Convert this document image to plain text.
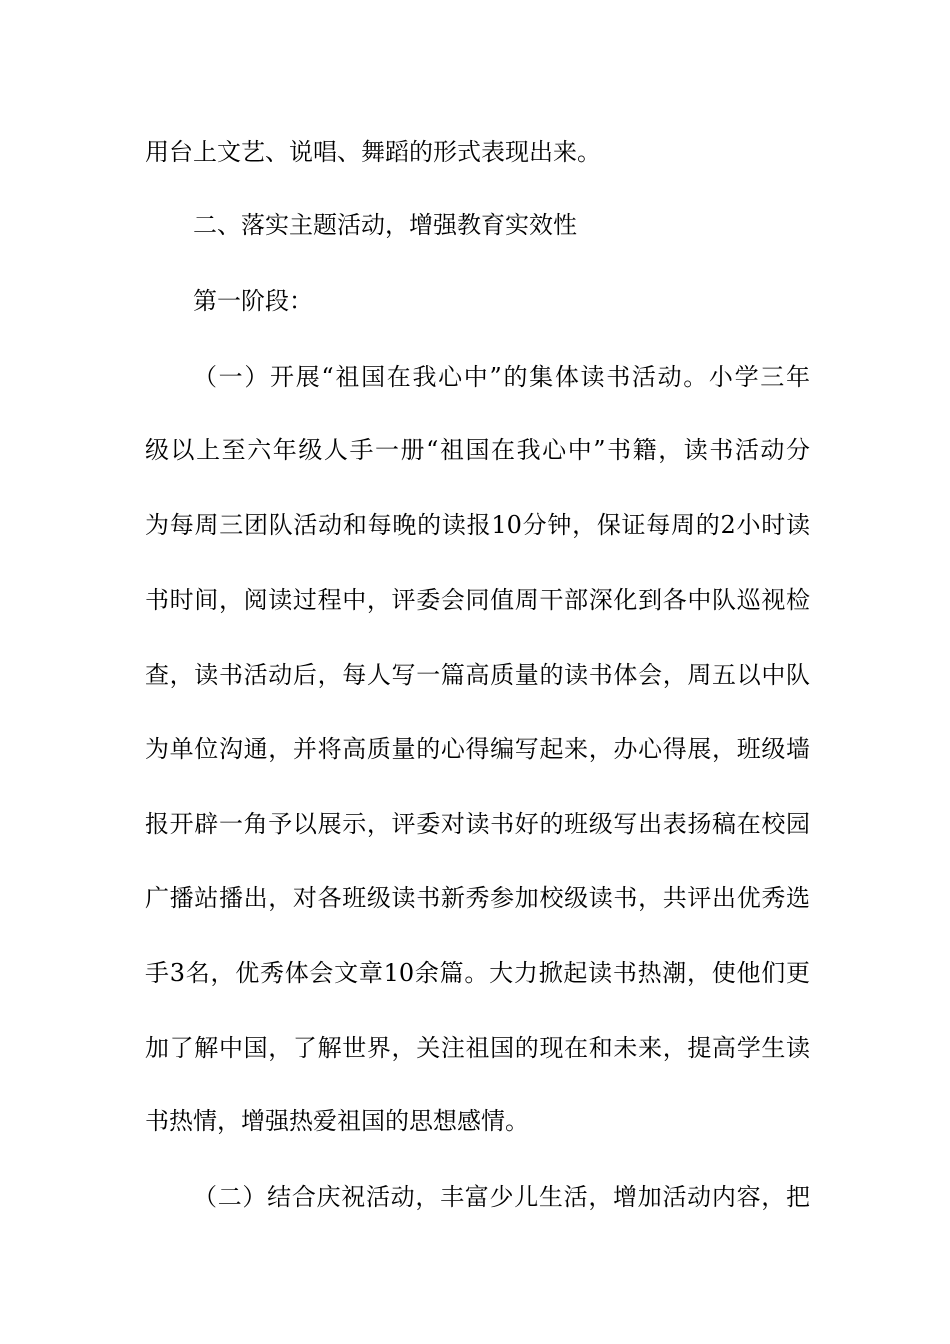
用台上文艺、说唱、舞蹈的形式表现出来。
二、落实主题活动，增强教育实效性
第一阶段：
（一）开展“祖国在我心中”的集体读书活动。小学三年
级以上至六年级人手一册“祖国在我心中”书籍，读书活动分
为每周三团队活动和每晚的读报10分钟，保证每周的2小时读
书时间，阅读过程中，评委会同值周干部深化到各中队巡视检
查，读书活动后，每人写一篇高质量的读书体会，周五以中队
为单位沟通，并将高质量的心得编写起来，办心得展，班级墙
报开辟一角予以展示，评委对读书好的班级写出表扬稿在校园
广播站播出，对各班级读书新秀参加校级读书，共评出优秀选
手3名，优秀体会文章10余篇。大力掀起读书热潮，使他们更
加了解中国，了解世界，关注祖国的现在和未来，提高学生读
书热情，增强热爱祖国的思想感情。
（二）结合庆祝活动，丰富少儿生活，增加活动内容，把
